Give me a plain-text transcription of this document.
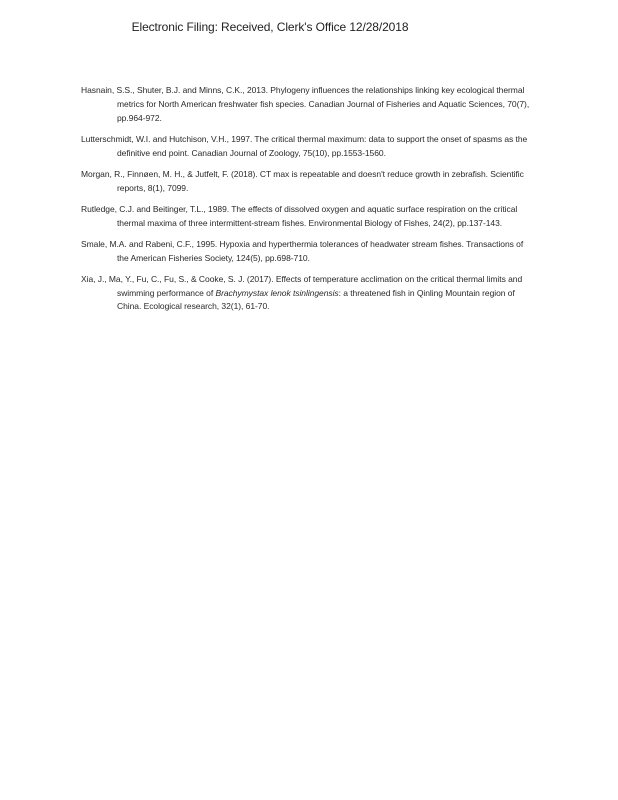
Electronic Filing: Received, Clerk's Office 12/28/2018

Hasnain, S.S., Shuter, B.J. and Minns, C.K., 2013. Phylogeny influences the relationships linking key ecological thermal metrics for North American freshwater fish species. Canadian Journal of Fisheries and Aquatic Sciences, 70(7), pp.964-972.

Lutterschmidt, W.I. and Hutchison, V.H., 1997. The critical thermal maximum: data to support the onset of spasms as the definitive end point. Canadian Journal of Zoology, 75(10), pp.1553-1560.

Morgan, R., Finnøen, M. H., & Jutfelt, F. (2018). CT max is repeatable and doesn't reduce growth in zebrafish. Scientific reports, 8(1), 7099.

Rutledge, C.J. and Beitinger, T.L., 1989. The effects of dissolved oxygen and aquatic surface respiration on the critical thermal maxima of three intermittent-stream fishes. Environmental Biology of Fishes, 24(2), pp.137-143.

Smale, M.A. and Rabeni, C.F., 1995. Hypoxia and hyperthermia tolerances of headwater stream fishes. Transactions of the American Fisheries Society, 124(5), pp.698-710.

Xia, J., Ma, Y., Fu, C., Fu, S., & Cooke, S. J. (2017). Effects of temperature acclimation on the critical thermal limits and swimming performance of Brachymystax lenok tsinlingensis: a threatened fish in Qinling Mountain region of China. Ecological research, 32(1), 61-70.
